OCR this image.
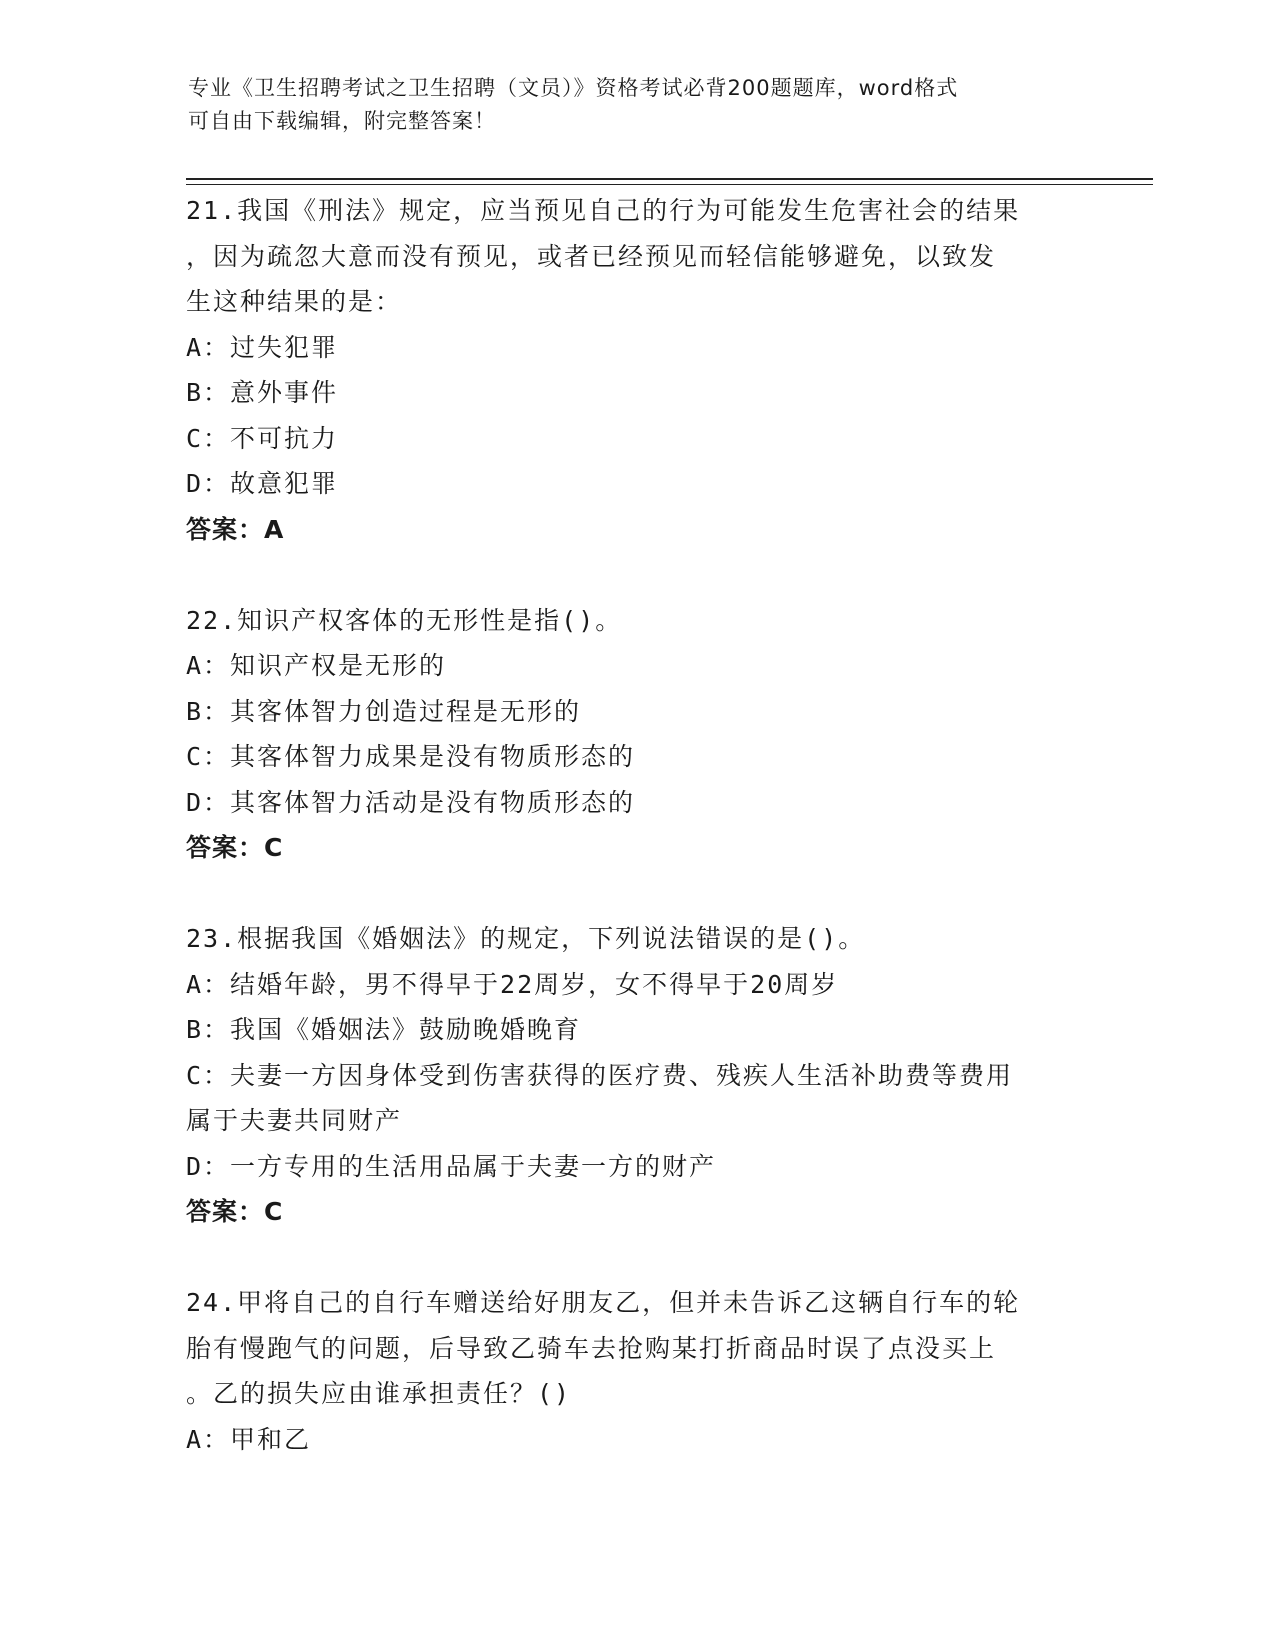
专业《卫生招聘考试之卫生招聘（文员）》资格考试必背200题题库，word格式
可自由下载编辑，附完整答案！
21.我国《刑法》规定，应当预见自己的行为可能发生危害社会的结果
，因为疏忽大意而没有预见，或者已经预见而轻信能够避免，以致发
生这种结果的是：
A：过失犯罪
B：意外事件
C：不可抗力
D：故意犯罪
答案：A
22.知识产权客体的无形性是指()。
A：知识产权是无形的
B：其客体智力创造过程是无形的
C：其客体智力成果是没有物质形态的
D：其客体智力活动是没有物质形态的
答案：C
23.根据我国《婚姻法》的规定，下列说法错误的是()。
A：结婚年龄，男不得早于22周岁，女不得早于20周岁
B：我国《婚姻法》鼓励晚婚晚育
C：夫妻一方因身体受到伤害获得的医疗费、残疾人生活补助费等费用
属于夫妻共同财产
D：一方专用的生活用品属于夫妻一方的财产
答案：C
24.甲将自己的自行车赠送给好朋友乙，但并未告诉乙这辆自行车的轮
胎有慢跑气的问题，后导致乙骑车去抢购某打折商品时误了点没买上
。乙的损失应由谁承担责任？()
A：甲和乙
